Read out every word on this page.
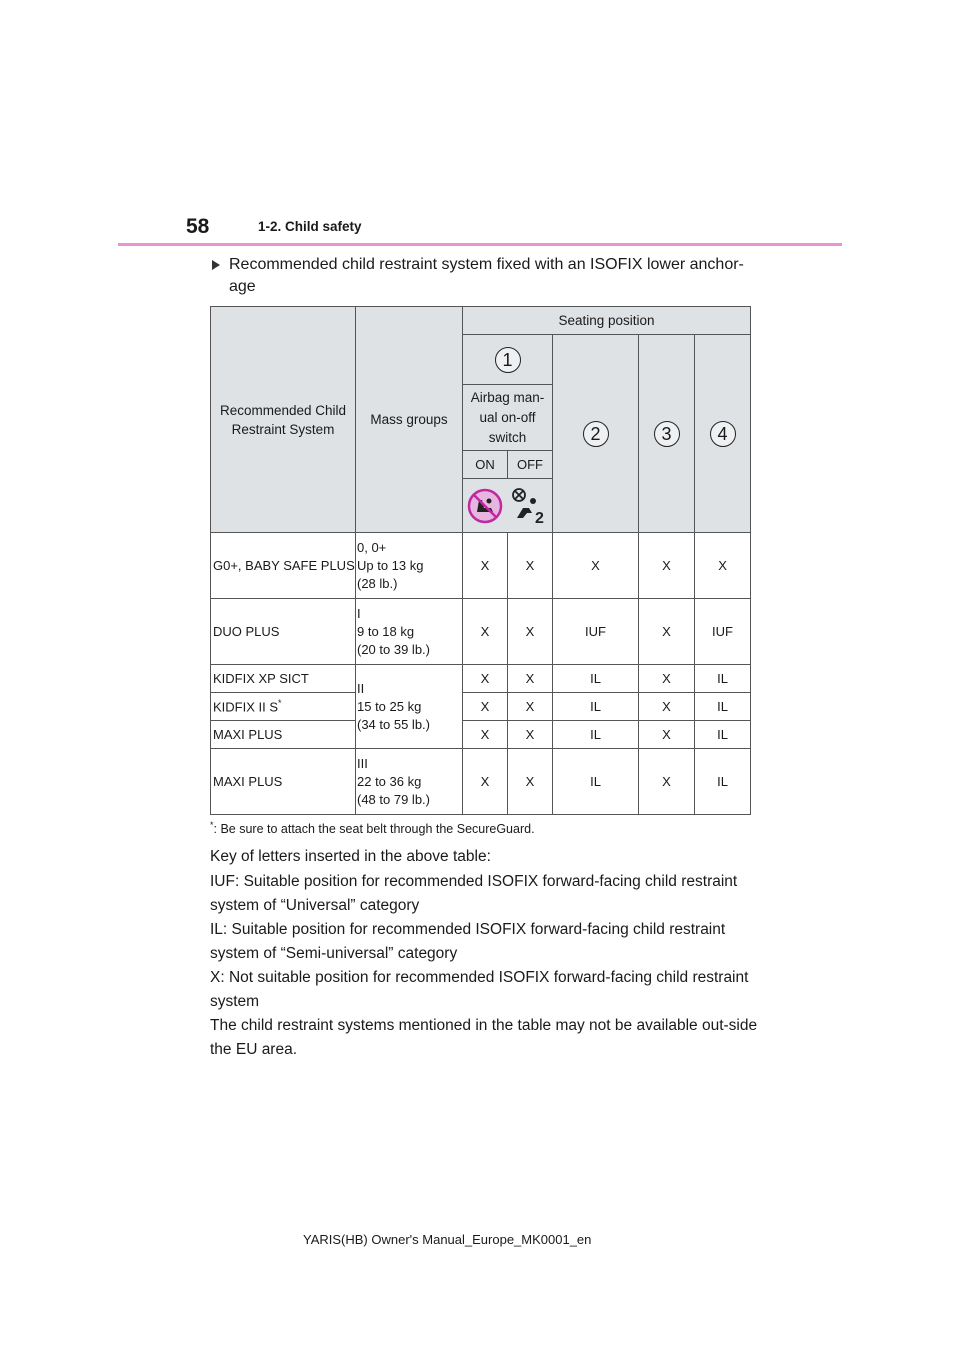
58	1-2. Child safety
Recommended child restraint system fixed with an ISOFIX lower anchor-age
Recommended Child Restraint System	Mass groups	Seating position				
		1		2	3	4
		Airbag man-ual on-off switch				
		ON	OFF			

2				

G0+, BABY SAFE PLUS	0, 0+
Up to 13 kg
(28 lb.)	X	X	X	X	X
DUO PLUS	I
9 to 18 kg
(20 to 39 lb.)	X	X	IUF	X	IUF
KIDFIX XP SICT	II
15 to 25 kg
(34 to 55 lb.)	X	X	IL	X	IL
KIDFIX II S*		X	X	IL	X	IL
MAXI PLUS		X	X	IL	X	IL
MAXI PLUS	III
22 to 36 kg
(48 to 79 lb.)	X	X	IL	X	IL
*: Be sure to attach the seat belt through the SecureGuard.
Key of letters inserted in the above table:
IUF: Suitable position for recommended ISOFIX forward-facing child restraint system of “Universal” category
IL: Suitable position for recommended ISOFIX forward-facing child restraint system of “Semi-universal” category
X: Not suitable position for recommended ISOFIX forward-facing child restraint system
The child restraint systems mentioned in the table may not be available out-side the EU area.
YARIS(HB) Owner's Manual_Europe_MK0001_en
